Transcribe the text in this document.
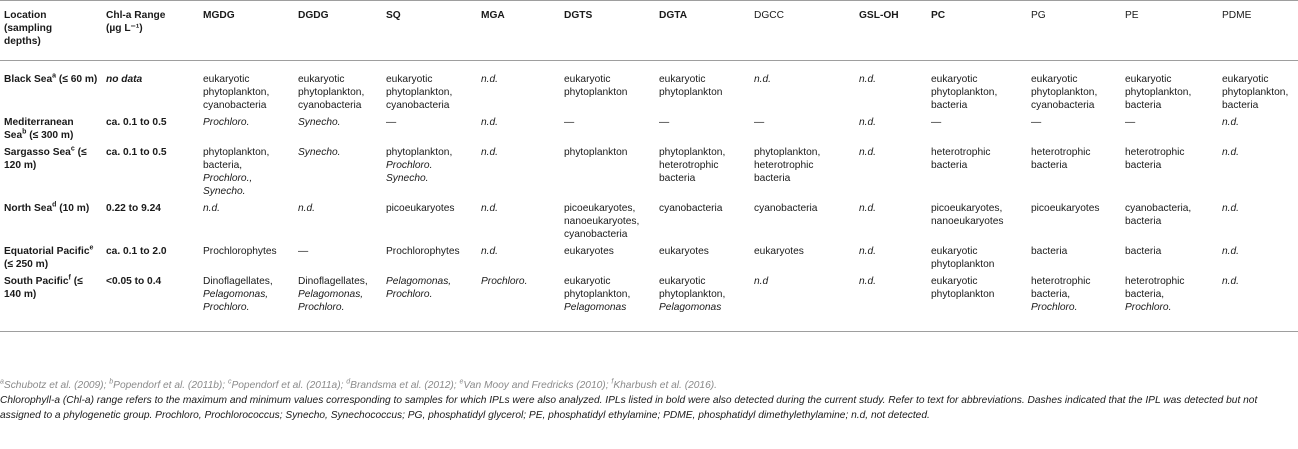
Location
(sampling
depths)	Chl-a Range
(µg L⁻¹)	MGDG	DGDG	SQ	MGA	DGTS	DGTA	DGCC	GSL-OH	PC	PG	PE	PDME
Black Sea$^a$ (≤ 60 m)	no data	eukaryotic
phytoplankton,
cyanobacteria	eukaryotic
phytoplankton,
cyanobacteria	eukaryotic
phytoplankton,
cyanobacteria	n.d.	eukaryotic
phytoplankton	eukaryotic
phytoplankton	n.d.	n.d.	eukaryotic
phytoplankton,
bacteria	eukaryotic
phytoplankton,
cyanobacteria	eukaryotic
phytoplankton,
bacteria	eukaryotic
phytoplankton,
bacteria
Mediterranean Sea$^b$ (≤ 300 m)	ca. 0.1 to 0.5	Prochloro.	Synecho.	—	n.d.	—	—	—	n.d.	—	—	—	n.d.
Sargasso Sea$^c$ (≤ 120 m)	ca. 0.1 to 0.5	phytoplankton,
bacteria,
Prochloro.,
Synecho.	Synecho.	phytoplankton,
Prochloro.
Synecho.	n.d.	phytoplankton	phytoplankton,
heterotrophic
bacteria	phytoplankton,
heterotrophic
bacteria	n.d.	heterotrophic
bacteria	heterotrophic
bacteria	heterotrophic
bacteria	n.d.
North Sea$^d$ (10 m)	0.22 to 9.24	n.d.	n.d.	picoeukaryotes	n.d.	picoeukaryotes,
nanoeukaryotes,
cyanobacteria	cyanobacteria	cyanobacteria	n.d.	picoeukaryotes,
nanoeukaryotes	picoeukaryotes	cyanobacteria,
bacteria	n.d.
Equatorial Pacific$^e$ (≤ 250 m)	ca. 0.1 to 2.0	Prochlorophytes	—	Prochlorophytes	n.d.	eukaryotes	eukaryotes	eukaryotes	n.d.	eukaryotic
phytoplankton	bacteria	bacteria	n.d.
South Pacific$^f$ (≤ 140 m)	<0.05 to 0.4	Dinoflagellates,
Pelagomonas,
Prochloro.	Dinoflagellates,
Pelagomonas,
Prochloro.	Pelagomonas,
Prochloro.	Prochloro.	eukaryotic
phytoplankton,
Pelagomonas	eukaryotic
phytoplankton,
Pelagomonas	n.d	n.d.	eukaryotic
phytoplankton	heterotrophic
bacteria,
Prochloro.	heterotrophic
bacteria,
Prochloro.	n.d.
$^a$Schubotz et al. (2009); $^b$Popendorf et al. (2011b); $^c$Popendorf et al. (2011a); $^d$Brandsma et al. (2012); $^e$Van Mooy and Fredricks (2010); $^f$Kharbush et al. (2016).
Chlorophyll-a (Chl-a) range refers to the maximum and minimum values corresponding to samples for which IPLs were also analyzed. IPLs listed in bold were also detected during the current study. Refer to text for abbreviations. Dashes indicated that the IPL was detected but not assigned to a phylogenetic group. Prochloro, Prochlorococcus; Synecho, Synechococcus; PG, phosphatidyl glycerol; PE, phosphatidyl ethylamine; PDME, phosphatidyl dimethylethylamine; n.d, not detected.
